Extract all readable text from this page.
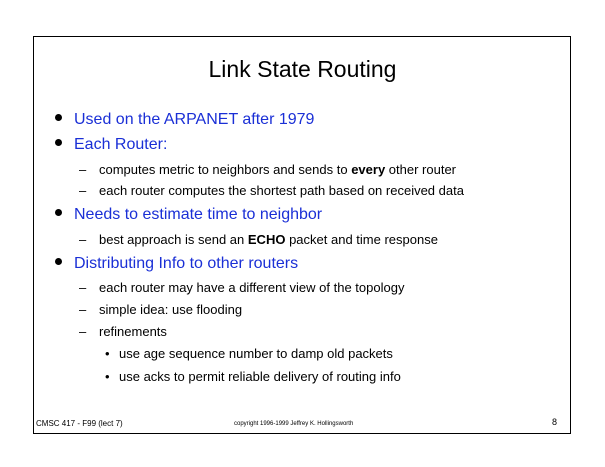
Link State Routing
Used on the ARPANET after 1979
Each Router:
– computes metric to neighbors and sends to every other router
– each router computes the shortest path based on received data
Needs to estimate time to neighbor
– best approach is send an ECHO packet and time response
Distributing Info to other routers
– each router may have a different view of the topology
– simple idea: use flooding
– refinements
• use age sequence number to damp old packets
• use acks to permit reliable delivery of routing info
CMSC 417 - F99 (lect 7)	copyright 1996-1999 Jeffrey K. Hollingsworth	8
